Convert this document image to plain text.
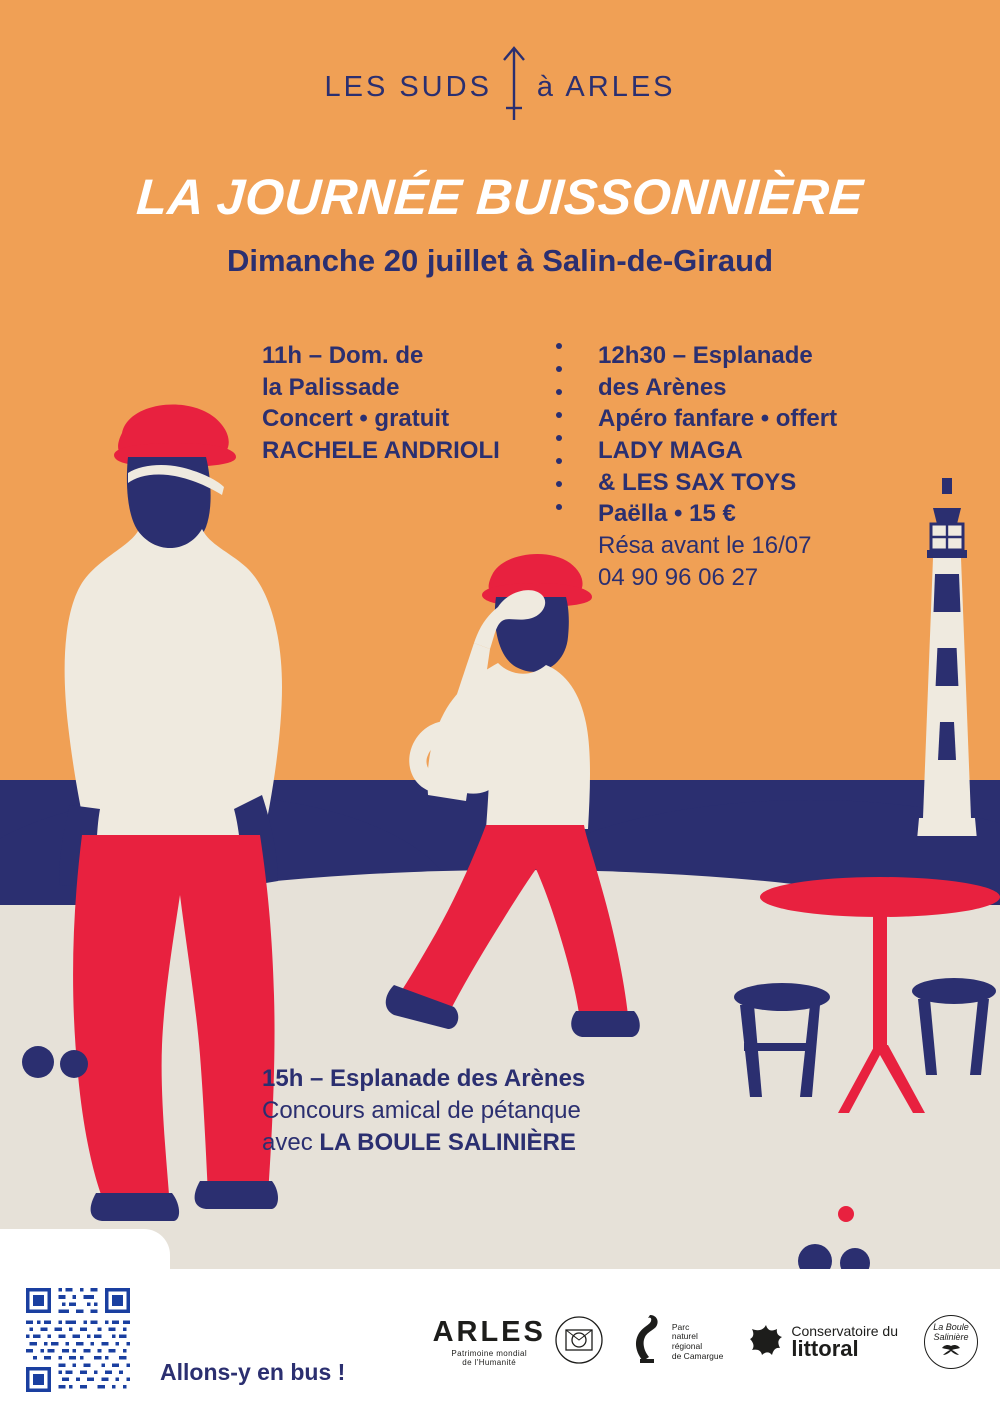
LES SUDS à ARLES
LA JOURNÉE BUISSONNIÈRE
Dimanche 20 juillet à Salin-de-Giraud
11h – Dom. de
la Palissade
Concert • gratuit
RACHELE ANDRIOLI
12h30 – Esplanade
des Arènes
Apéro fanfare • offert
LADY MAGA
& LES SAX TOYS
Paëlla • 15 €
Résa avant le 16/07
04 90 96 06 27
15h – Esplanade des Arènes
Concours amical de pétanque
avec LA BOULE SALINIÈRE
Allons-y en bus !
ARLES
Patrimoine mondial
de l'Humanité
Parc
naturel
régional
de Camargue
Conservatoire du
littoral
La Boule
Salinière
